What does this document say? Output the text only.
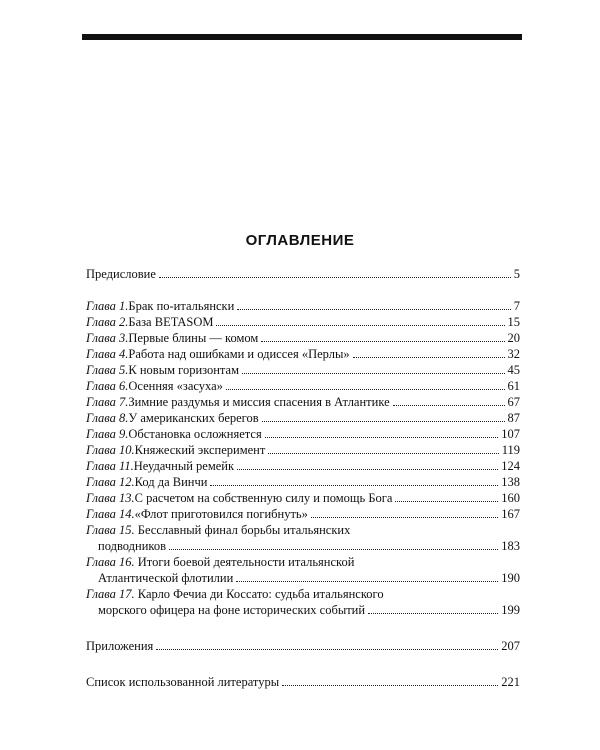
ОГЛАВЛЕНИЕ
Предисловие	5
Глава 1. Брак по-итальянски	7
Глава 2. База BETASOM	15
Глава 3. Первые блины — комом	20
Глава 4. Работа над ошибками и одиссея «Перлы»	32
Глава 5. К новым горизонтам	45
Глава 6. Осенняя «засуха»	61
Глава 7. Зимние раздумья и миссия спасения в Атлантике	67
Глава 8. У американских берегов	87
Глава 9. Обстановка осложняется	107
Глава 10. Княжеский эксперимент	119
Глава 11. Неудачный ремейк	124
Глава 12. Код да Винчи	138
Глава 13. С расчетом на собственную силу и помощь Бога	160
Глава 14. «Флот приготовился погибнуть»	167
Глава 15. Бесславный финал борьбы итальянских
подводников	183
Глава 16. Итоги боевой деятельности итальянской
Атлантической флотилии	190
Глава 17. Карло Фечиа ди Коссато: судьба итальянского
морского офицера на фоне исторических событий	199
Приложения	207
Список использованной литературы	221
